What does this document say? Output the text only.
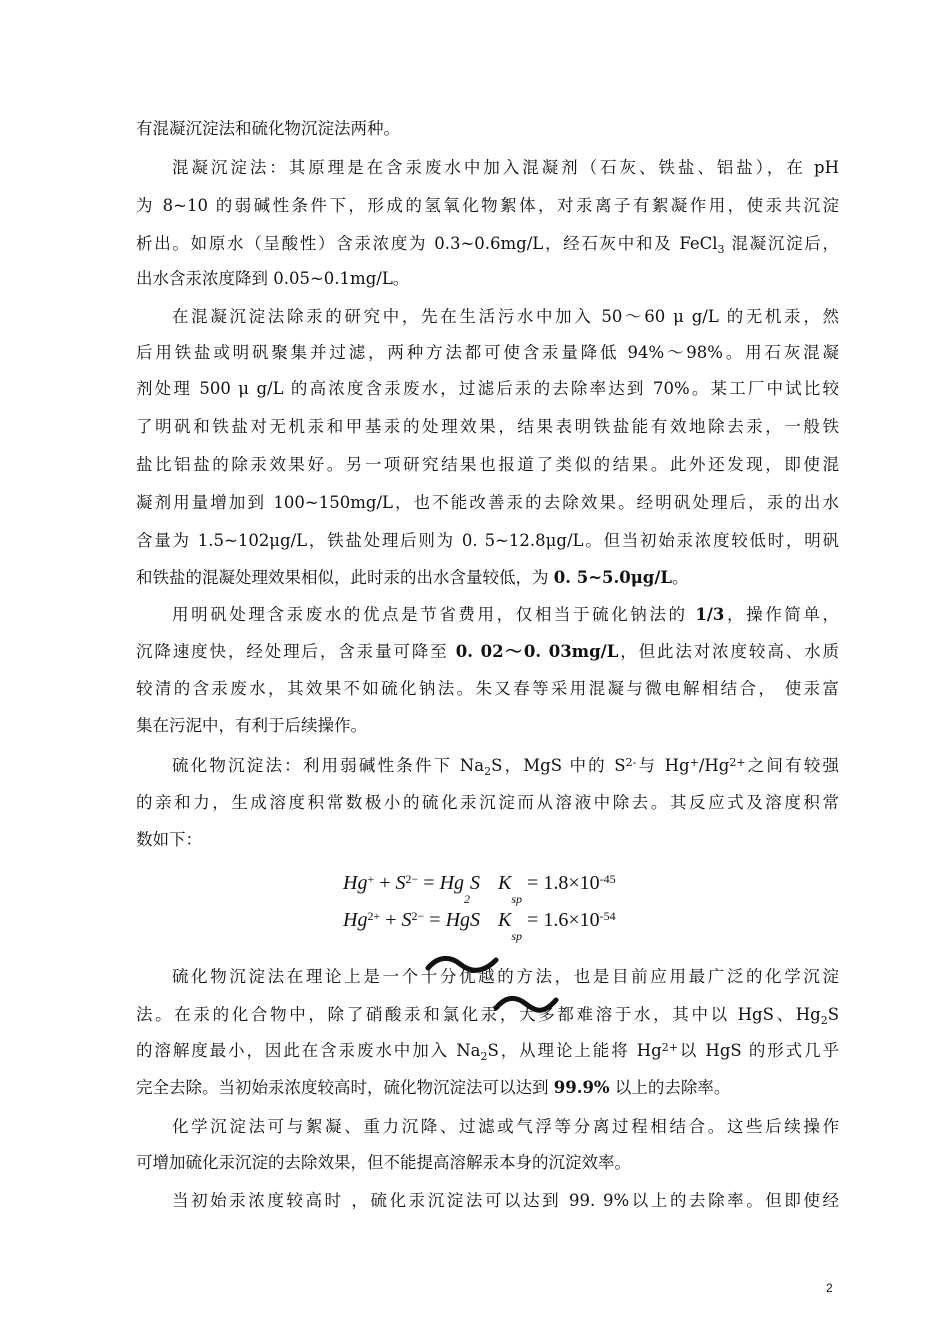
有混凝沉淀法和硫化物沉淀法两种。
混凝沉淀法：其原理是在含汞废水中加入混凝剂（石灰、铁盐、铝盐），在 pH
为 8~10 的弱碱性条件下，形成的氢氧化物絮体，对汞离子有絮凝作用，使汞共沉淀
析出。如原水（呈酸性）含汞浓度为 0.3~0.6mg/L，经石灰中和及 FeCl$_3$ 混凝沉淀后，
出水含汞浓度降到 0.05~0.1mg/L。
在混凝沉淀法除汞的研究中，先在生活污水中加入 50～60 μ g/L 的无机汞，然
后用铁盐或明矾聚集并过滤，两种方法都可使含汞量降低 94%～98%。用石灰混凝
剂处理 500 μ g/L 的高浓度含汞废水，过滤后汞的去除率达到 70%。某工厂中试比较
了明矾和铁盐对无机汞和甲基汞的处理效果，结果表明铁盐能有效地除去汞，一般铁
盐比铝盐的除汞效果好。另一项研究结果也报道了类似的结果。此外还发现，即使混
凝剂用量增加到 100~150mg/L，也不能改善汞的去除效果。经明矾处理后，汞的出水
含量为 1.5~102μg/L，铁盐处理后则为 0. 5~12.8μg/L。但当初始汞浓度较低时，明矾
和铁盐的混凝处理效果相似，此时汞的出水含量较低，为 0. 5~5.0μg/L。
用明矾处理含汞废水的优点是节省费用，仅相当于硫化钠法的 1/3，操作简单，
沉降速度快，经处理后，含汞量可降至 0. 02～0. 03mg/L，但此法对浓度较高、水质
较清的含汞废水，其效果不如硫化钠法。朱又春等采用混凝与微电解相结合， 使汞富
集在污泥中，有利于后续操作。
硫化物沉淀法：利用弱碱性条件下 $Na_2S$，MgS 中的 $S^{2-}$与 $Hg^+/Hg^{2+}$之间有较强
的亲和力，生成溶度积常数极小的硫化汞沉淀而从溶液中除去。其反应式及溶度积常
数如下：
$Hg^+ + S^{2-} = Hg_2S$ $K_{sp} = 1.8\times 10^{-45}$
$Hg^{2+} + S^{2-}$ = HgS $K_{sp} = 1.6\times 10^{-54}$
硫化物沉淀法在理论上是一个十分优越的方法，也是目前应用最广泛的化学沉淀
法。在汞的化合物中，除了硝酸汞和氯化汞，大多都难溶于水，其中以 HgS、$Hg_2S$
的溶解度最小，因此在含汞废水中加入 $Na_2S$，从理论上能将 $Hg^{2+}$以 HgS 的形式几乎
完全去除。当初始汞浓度较高时，硫化物沉淀法可以达到 99.9% 以上的去除率。
化学沉淀法可与絮凝、重力沉降、过滤或气浮等分离过程相结合。这些后续操作
可增加硫化汞沉淀的去除效果，但不能提高溶解汞本身的沉淀效率。
当初始汞浓度较高时 ，硫化汞沉淀法可以达到 99. 9%以上的去除率。但即使经
2
